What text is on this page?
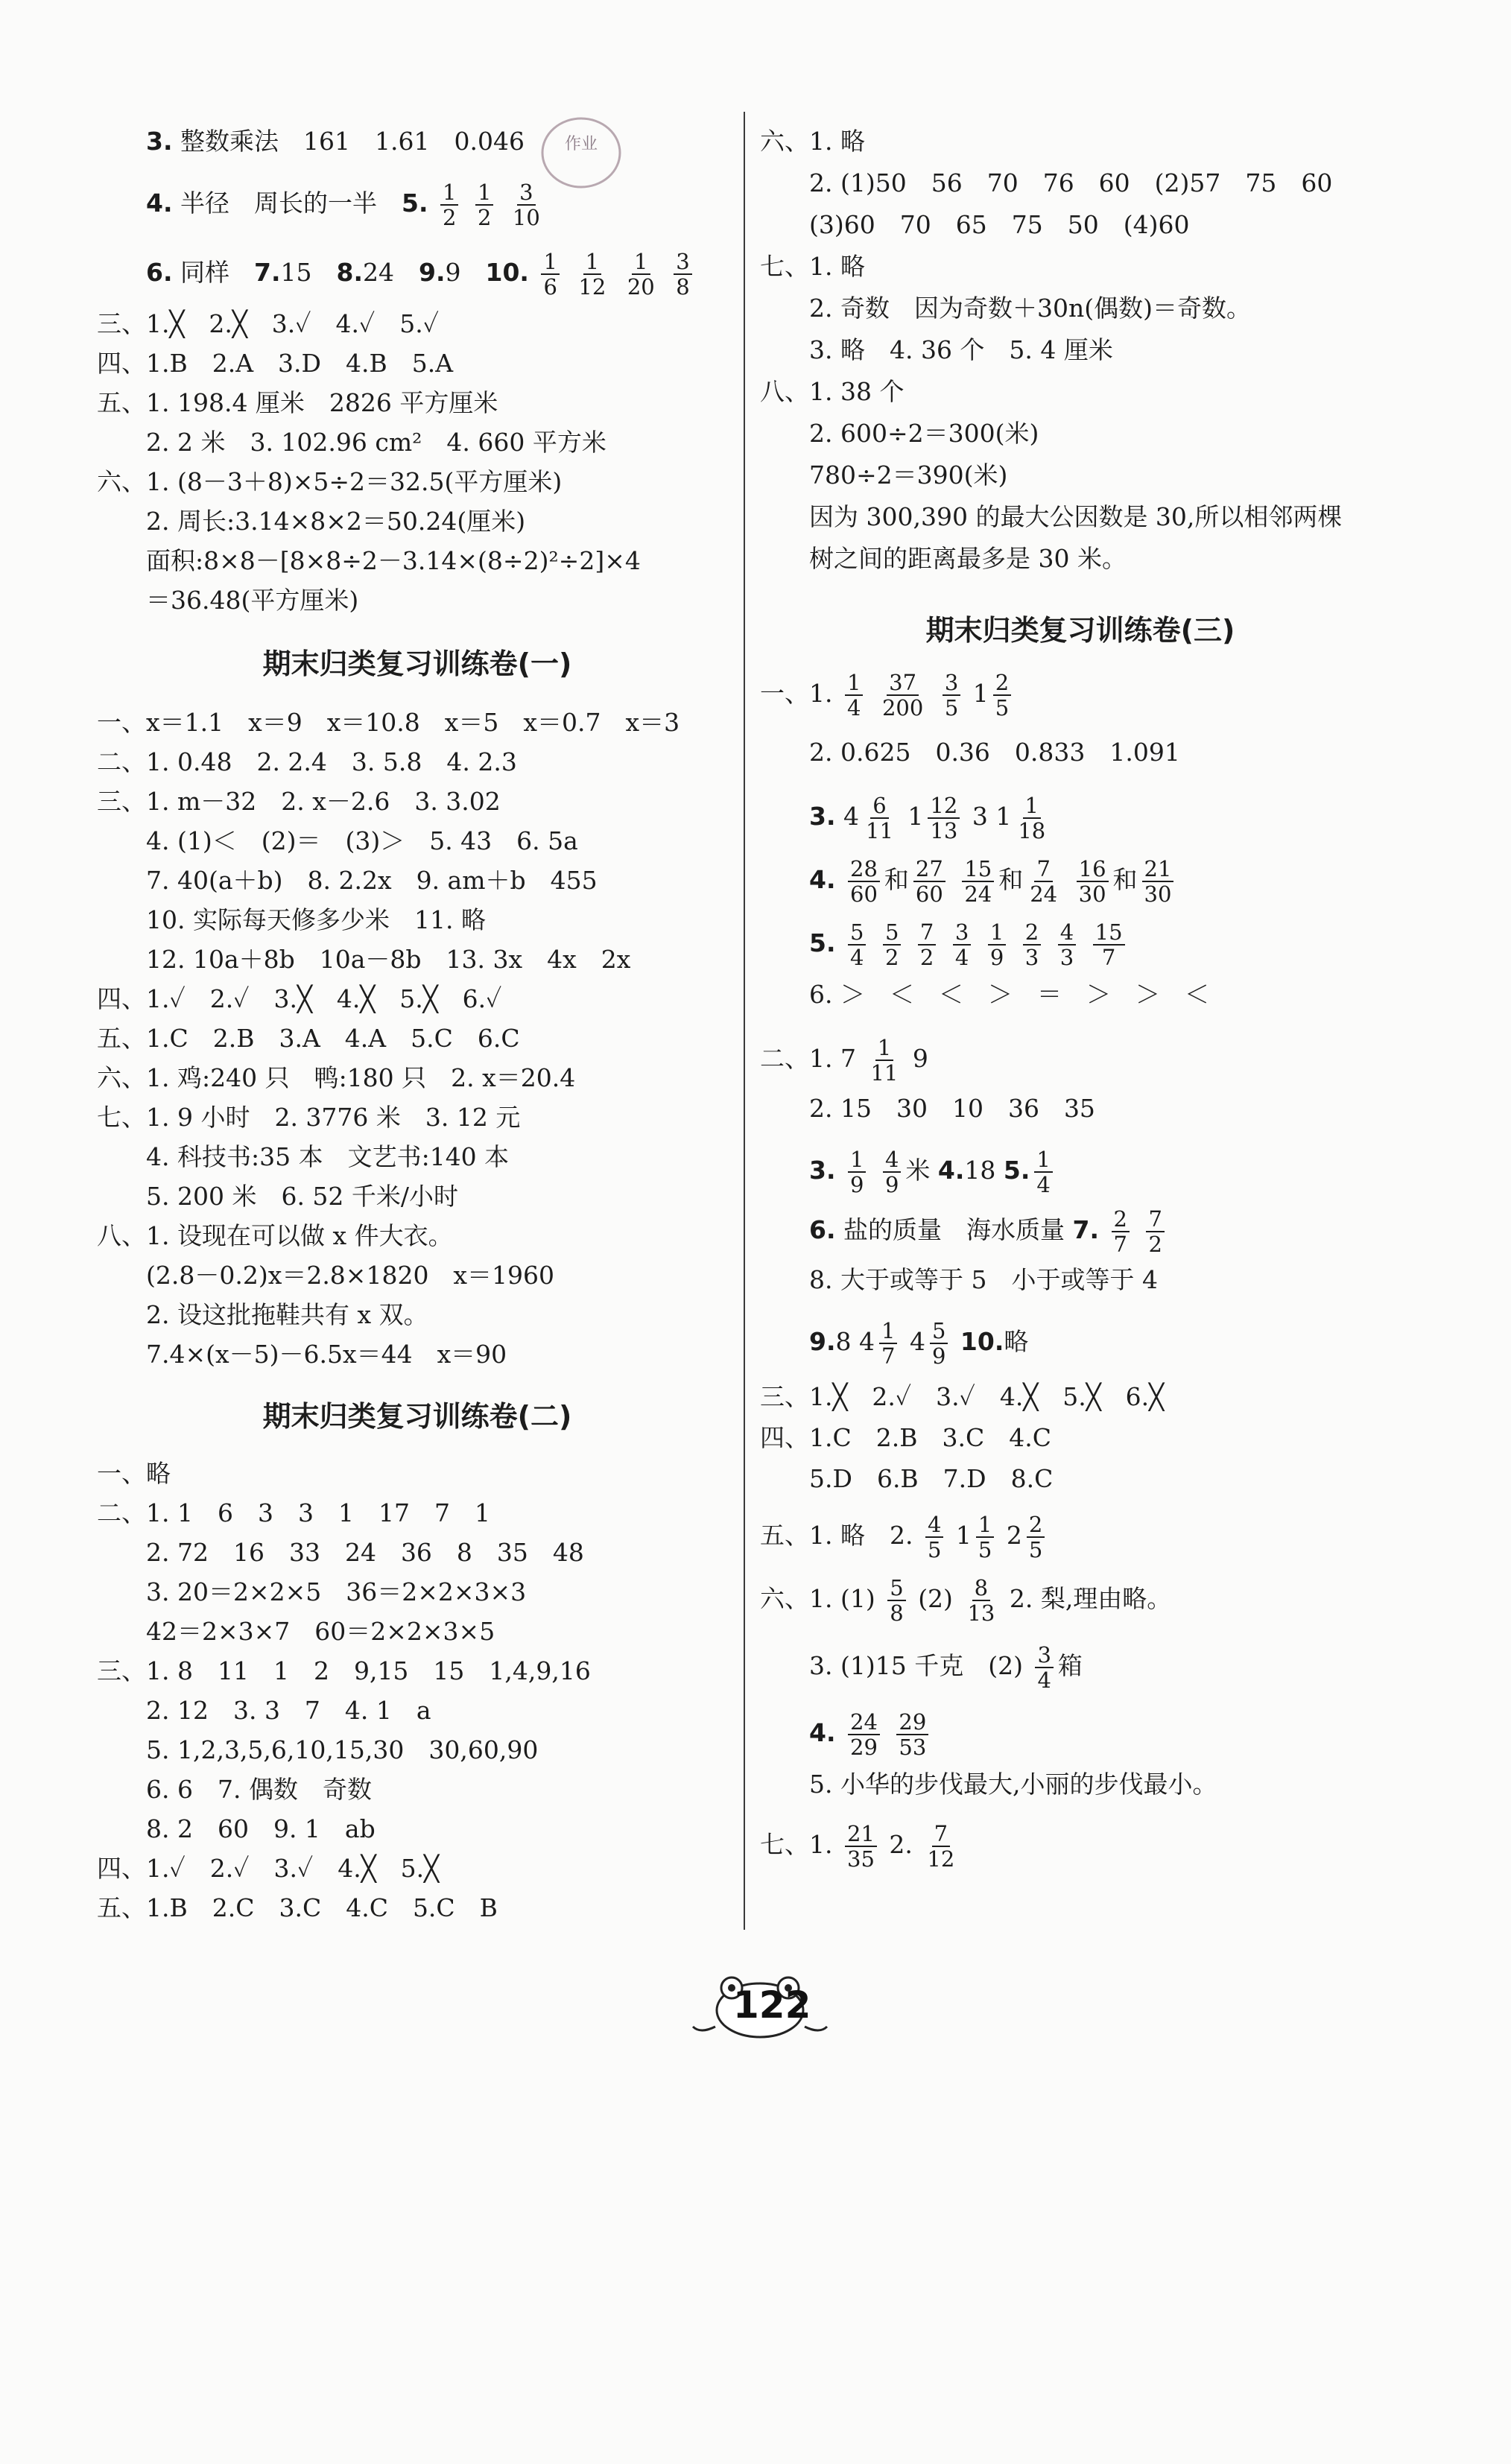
3. 整数乘法　161　1.61　0.046
4. 半径　周长的一半　5. $\frac{1}{2}$
$\frac{1}{2}$
$\frac{3}{10}$
6. 同样　7.15　8.24　9.9　10. $\frac{1}{6}$
$\frac{1}{12}$
$\frac{1}{20}$
$\frac{3}{8}$
三、1.╳　2.╳　3.✓　4.✓　5.✓
四、1.B　2.A　3.D　4.B　5.A
五、1. 198.4 厘米　2826 平方厘米
2. 2 米　3. 102.96 cm²　4. 660 平方米
六、1. (8－3＋8)×5÷2＝32.5(平方厘米)
2. 周长:3.14×8×2＝50.24(厘米)
面积:8×8－[8×8÷2－3.14×(8÷2)²÷2]×4
＝36.48(平方厘米)
期末归类复习训练卷(一)
一、x＝1.1　x＝9　x＝10.8　x＝5　x＝0.7　x＝3
二、1. 0.48　2. 2.4　3. 5.8　4. 2.3
三、1. m－32　2. x－2.6　3. 3.02
4. (1)＜　(2)＝　(3)＞　5. 43　6. 5a
7. 40(a＋b)　8. 2.2x　9. am＋b　455
10. 实际每天修多少米　11. 略
12. 10a＋8b　10a－8b　13. 3x　4x　2x
四、1.✓　2.✓　3.╳　4.╳　5.╳　6.✓
五、1.C　2.B　3.A　4.A　5.C　6.C
六、1. 鸡:240 只　鸭:180 只　2. x＝20.4
七、1. 9 小时　2. 3776 米　3. 12 元
4. 科技书:35 本　文艺书:140 本
5. 200 米　6. 52 千米/小时
八、1. 设现在可以做 x 件大衣。
(2.8－0.2)x＝2.8×1820　x＝1960
2. 设这批拖鞋共有 x 双。
7.4×(x－5)－6.5x＝44　x＝90
期末归类复习训练卷(二)
一、略
二、1. 1　6　3　3　1　17　7　1
2. 72　16　33　24　36　8　35　48
3. 20＝2×2×5　36＝2×2×3×3
42＝2×3×7　60＝2×2×3×5
三、1. 8　11　1　2　9,15　15　1,4,9,16
2. 12　3. 3　7　4. 1　a
5. 1,2,3,5,6,10,15,30　30,60,90
6. 6　7. 偶数　奇数
8. 2　60　9. 1　ab
四、1.✓　2.✓　3.✓　4.╳　5.╳
五、1.B　2.C　3.C　4.C　5.C　B
六、1. 略
2. (1)50　56　70　76　60　(2)57　75　60
(3)60　70　65　75　50　(4)60
七、1. 略
2. 奇数　因为奇数＋30n(偶数)＝奇数。
3. 略　4. 36 个　5. 4 厘米
八、1. 38 个
2. 600÷2＝300(米)
780÷2＝390(米)
因为 300,390 的最大公因数是 30,所以相邻两棵
树之间的距离最多是 30 米。
期末归类复习训练卷(三)
一、1. $\frac{1}{4}$
$\frac{37}{200}$
$\frac{3}{5} 1 \frac{2}{5}$
2. 0.625　0.36　0.833　1.091
3. $4 \frac{6}{11} 1 \frac{12}{13} 3$ $1 \frac{1}{18}$
4. $\frac{28}{60}$ 和 $\frac{27}{60}$
$\frac{15}{24}$ 和 $\frac{7}{24}$
$\frac{16}{30}$ 和 $\frac{21}{30}$
5. $\frac{5}{4}$
$\frac{5}{2}$
$\frac{7}{2}$
$\frac{3}{4}$
$\frac{1}{9}$
$\frac{2}{3}$
$\frac{4}{3}$
$\frac{15}{7}$
6. ＞　＜　＜　＞　＝　＞　＞　＜
二、1. $7 \frac{1}{11} 9$
2. 15　30　10　36　35
3. $\frac{1}{9}$
$\frac{4}{9}$ 米 4.18 5. $\frac{1}{4}$
6. 盐的质量　海水质量 7. $\frac{2}{7}$
$\frac{7}{2}$
8. 大于或等于 5　小于或等于 4
9.8 $4 \frac{1}{7} 4 \frac{5}{9} 10$.略
三、1.╳　2.✓　3.✓　4.╳　5.╳　6.╳
四、1.C　2.B　3.C　4.C
5.D　6.B　7.D　8.C
五、1. 略　2. $\frac{4}{5} 1 \frac{1}{5} 2 \frac{2}{5}$
六、1. $(1) \frac{5}{8} (2) \frac{8}{13} 2$. 梨,理由略。
3. (1)15 千克　$(2) \frac{3}{4}$ 箱
4. $\frac{24}{29}$
$\frac{29}{53}$
5. 小华的步伐最大,小丽的步伐最小。
七、1. $\frac{21}{35} 2$. $\frac{7}{12}$
作业
122
